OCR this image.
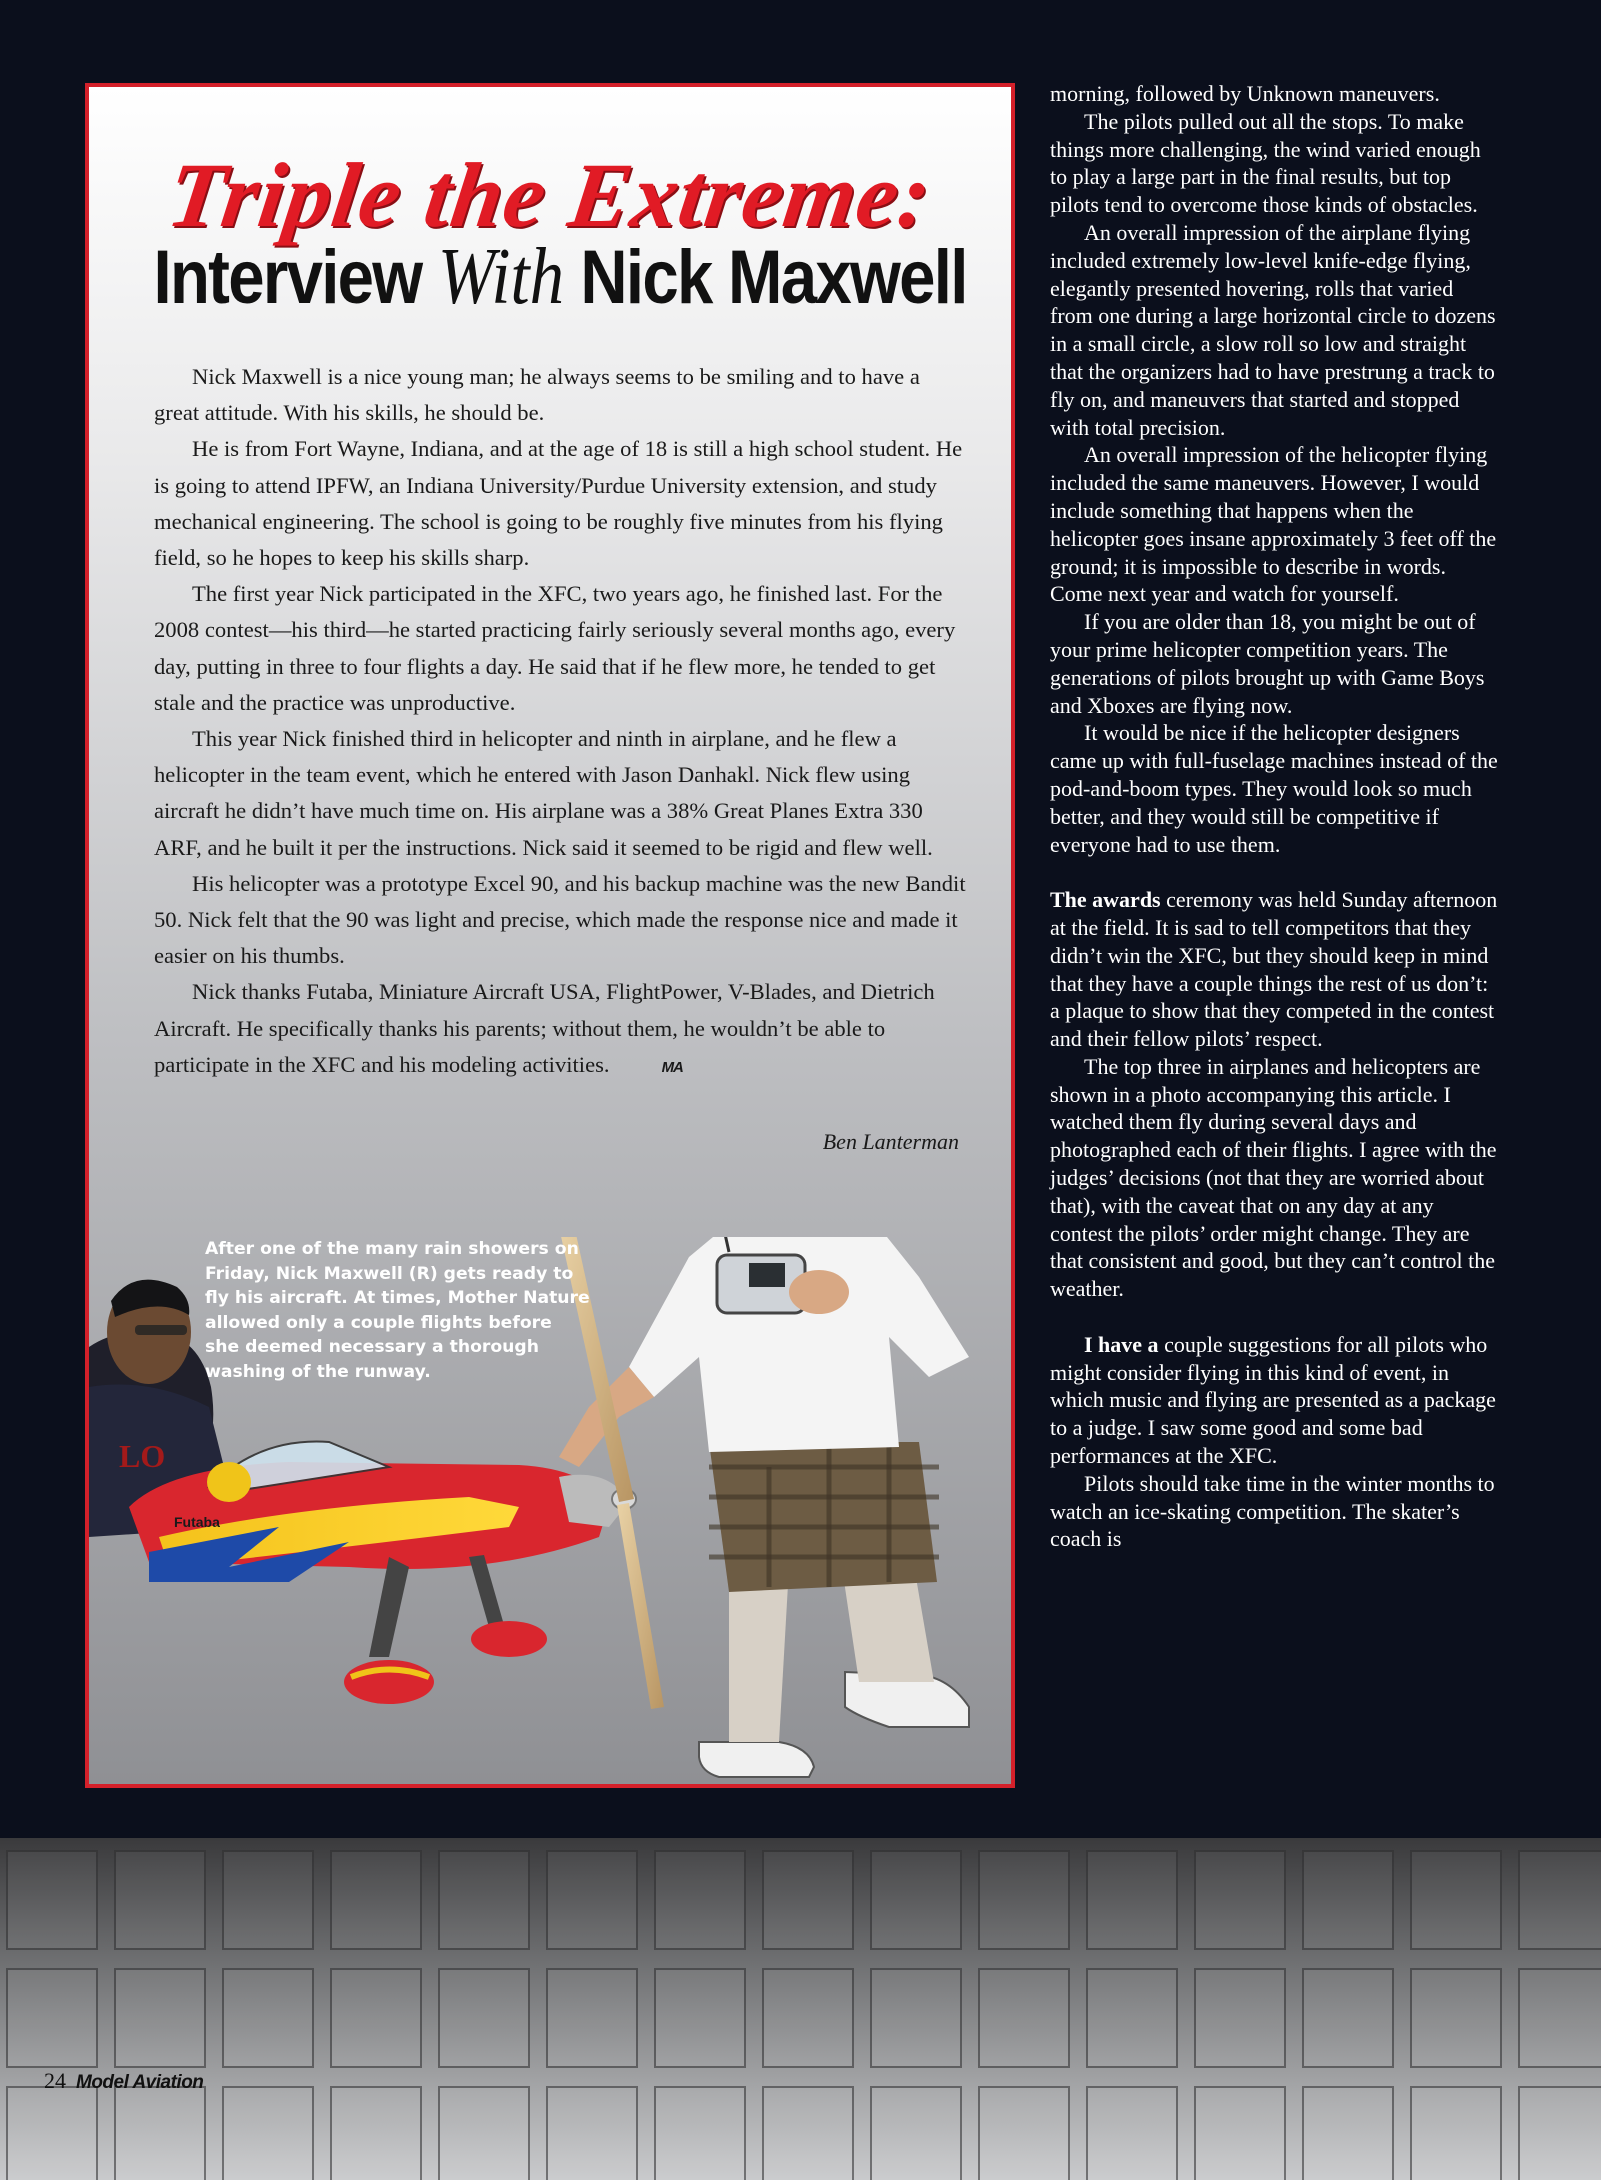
Triple the Extreme:
Interview With Nick Maxwell

Nick Maxwell is a nice young man; he always seems to be smiling and to have a great attitude. With his skills, he should be.

He is from Fort Wayne, Indiana, and at the age of 18 is still a high school student. He is going to attend IPFW, an Indiana University/Purdue University extension, and study mechanical engineering. The school is going to be roughly five minutes from his flying field, so he hopes to keep his skills sharp.

The first year Nick participated in the XFC, two years ago, he finished last. For the 2008 contest—his third—he started practicing fairly seriously several months ago, every day, putting in three to four flights a day. He said that if he flew more, he tended to get stale and the practice was unproductive.

This year Nick finished third in helicopter and ninth in airplane, and he flew a helicopter in the team event, which he entered with Jason Danhakl. Nick flew using aircraft he didn’t have much time on. His airplane was a 38% Great Planes Extra 330 ARF, and he built it per the instructions. Nick said it seemed to be rigid and flew well.

His helicopter was a prototype Excel 90, and his backup machine was the new Bandit 50. Nick felt that the 90 was light and precise, which made the response nice and made it easier on his thumbs.

Nick thanks Futaba, Miniature Aircraft USA, FlightPower, V-Blades, and Dietrich Aircraft. He specifically thanks his parents; without them, he wouldn’t be able to participate in the XFC and his modeling activities.	MA

Ben Lanterman
LO
Futaba
After one of the many rain showers on Friday, Nick Maxwell (R) gets ready to fly his aircraft. At times, Mother Nature allowed only a couple flights before she deemed necessary a thorough washing of the runway.

morning, followed by Unknown maneuvers.

The pilots pulled out all the stops. To make things more challenging, the wind varied enough to play a large part in the final results, but top pilots tend to overcome those kinds of obstacles.

An overall impression of the airplane flying included extremely low-level knife-edge flying, elegantly presented hovering, rolls that varied from one during a large horizontal circle to dozens in a small circle, a slow roll so low and straight that the organizers had to have prestrung a track to fly on, and maneuvers that started and stopped with total precision.

An overall impression of the helicopter flying included the same maneuvers. However, I would include something that happens when the helicopter goes insane approximately 3 feet off the ground; it is impossible to describe in words. Come next year and watch for yourself.

If you are older than 18, you might be out of your prime helicopter competition years. The generations of pilots brought up with Game Boys and Xboxes are flying now.

It would be nice if the helicopter designers came up with full-fuselage machines instead of the pod-and-boom types. They would look so much better, and they would still be competitive if everyone had to use them.

The awards ceremony was held Sunday afternoon at the field. It is sad to tell competitors that they didn’t win the XFC, but they should keep in mind that they have a couple things the rest of us don’t: a plaque to show that they competed in the contest and their fellow pilots’ respect.

The top three in airplanes and helicopters are shown in a photo accompanying this article. I watched them fly during several days and photographed each of their flights. I agree with the judges’ decisions (not that they are worried about that), with the caveat that on any day at any contest the pilots’ order might change. They are that consistent and good, but they can’t control the weather.

I have a couple suggestions for all pilots who might consider flying in this kind of event, in which music and flying are presented as a package to a judge. I saw some good and some bad performances at the XFC.

Pilots should take time in the winter months to watch an ice-skating competition. The skater’s coach is

24 Model Aviation
